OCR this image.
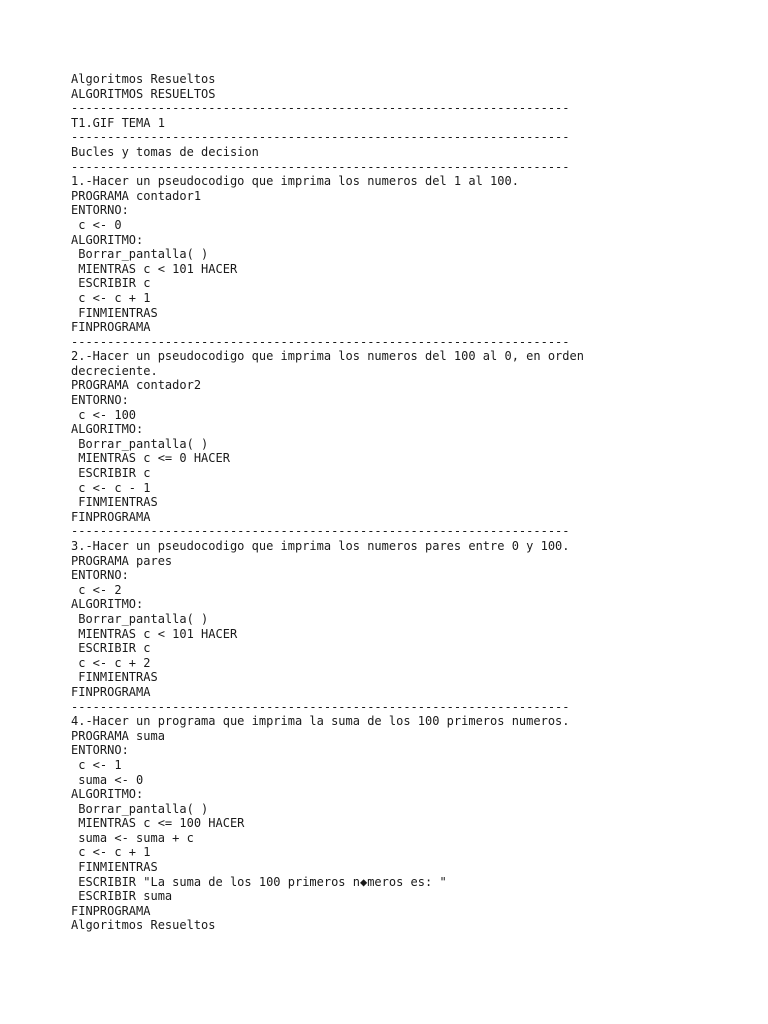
Algoritmos Resueltos
ALGORITMOS RESUELTOS
---------------------------------------------------------------------
T1.GIF TEMA 1
---------------------------------------------------------------------
Bucles y tomas de decision
---------------------------------------------------------------------
1.-Hacer un pseudocodigo que imprima los numeros del 1 al 100.
PROGRAMA contador1
ENTORNO:
c <- 0
ALGORITMO:
Borrar_pantalla( )
MIENTRAS c < 101 HACER
ESCRIBIR c
c <- c + 1
FINMIENTRAS
FINPROGRAMA
---------------------------------------------------------------------
2.-Hacer un pseudocodigo que imprima los numeros del 100 al 0, en orden
decreciente.
PROGRAMA contador2
ENTORNO:
c <- 100
ALGORITMO:
Borrar_pantalla( )
MIENTRAS c <= 0 HACER
ESCRIBIR c
c <- c - 1
FINMIENTRAS
FINPROGRAMA
---------------------------------------------------------------------
3.-Hacer un pseudocodigo que imprima los numeros pares entre 0 y 100.
PROGRAMA pares
ENTORNO:
c <- 2
ALGORITMO:
Borrar_pantalla( )
MIENTRAS c < 101 HACER
ESCRIBIR c
c <- c + 2
FINMIENTRAS
FINPROGRAMA
---------------------------------------------------------------------
4.-Hacer un programa que imprima la suma de los 100 primeros numeros.
PROGRAMA suma
ENTORNO:
c <- 1
suma <- 0
ALGORITMO:
Borrar_pantalla( )
MIENTRAS c <= 100 HACER
suma <- suma + c
c <- c + 1
FINMIENTRAS
ESCRIBIR "La suma de los 100 primeros n◆meros es: "
ESCRIBIR suma
FINPROGRAMA
Algoritmos Resueltos
